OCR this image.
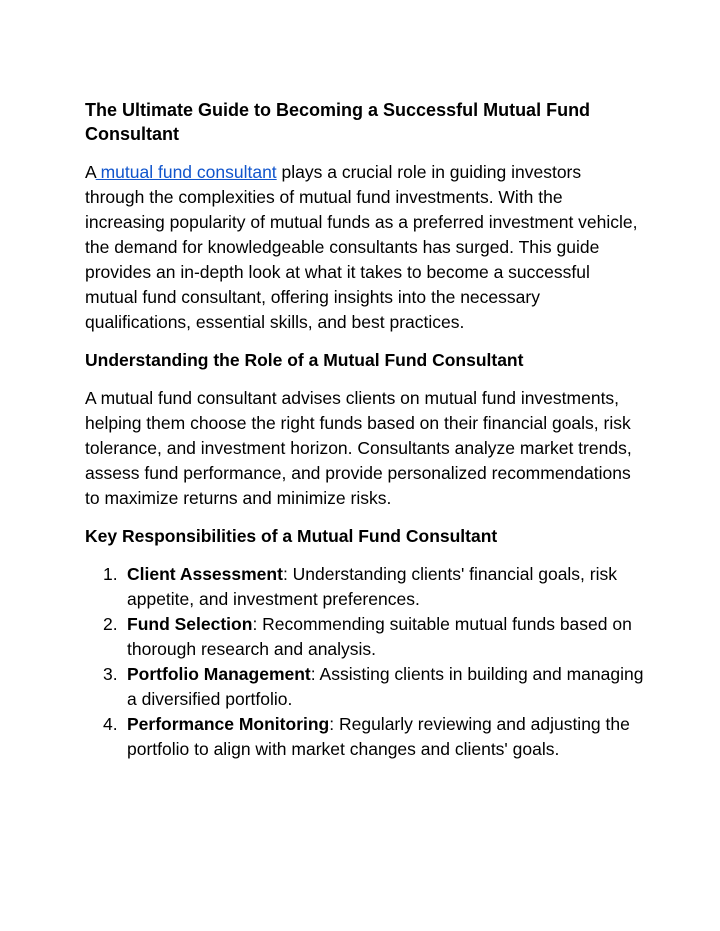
The Ultimate Guide to Becoming a Successful Mutual Fund Consultant

A mutual fund consultant plays a crucial role in guiding investors through the complexities of mutual fund investments. With the increasing popularity of mutual funds as a preferred investment vehicle, the demand for knowledgeable consultants has surged. This guide provides an in-depth look at what it takes to become a successful mutual fund consultant, offering insights into the necessary qualifications, essential skills, and best practices.

Understanding the Role of a Mutual Fund Consultant

A mutual fund consultant advises clients on mutual fund investments, helping them choose the right funds based on their financial goals, risk tolerance, and investment horizon. Consultants analyze market trends, assess fund performance, and provide personalized recommendations to maximize returns and minimize risks.

Key Responsibilities of a Mutual Fund Consultant
1. Client Assessment: Understanding clients' financial goals, risk appetite, and investment preferences.
2. Fund Selection: Recommending suitable mutual funds based on thorough research and analysis.
3. Portfolio Management: Assisting clients in building and managing a diversified portfolio.
4. Performance Monitoring: Regularly reviewing and adjusting the portfolio to align with market changes and clients' goals.
